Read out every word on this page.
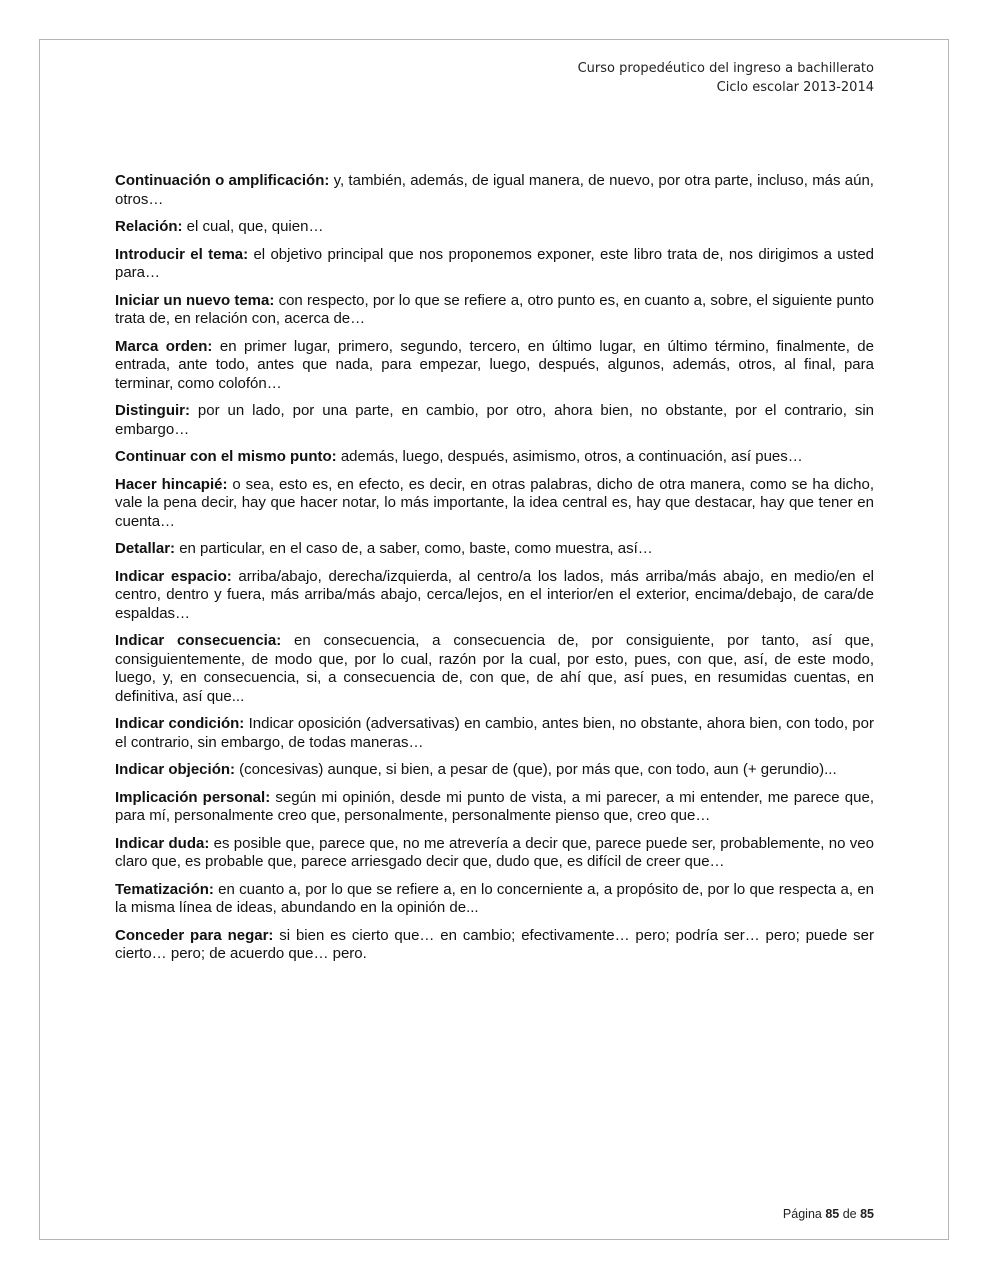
Curso propedéutico del ingreso a bachillerato
Ciclo escolar 2013-2014

Continuación o amplificación: y, también, además, de igual manera, de nuevo, por otra parte, incluso, más aún, otros…

Relación: el cual, que, quien…

Introducir el tema: el objetivo principal que nos proponemos exponer, este libro trata de, nos dirigimos a usted para…

Iniciar un nuevo tema: con respecto, por lo que se refiere a, otro punto es, en cuanto a, sobre, el siguiente punto trata de, en relación con, acerca de…

Marca orden: en primer lugar, primero, segundo, tercero, en último lugar, en último término, finalmente, de entrada, ante todo, antes que nada, para empezar, luego, después, algunos, además, otros, al final, para terminar, como colofón…

Distinguir: por un lado, por una parte, en cambio, por otro, ahora bien, no obstante, por el contrario, sin embargo…

Continuar con el mismo punto: además, luego, después, asimismo, otros, a continuación, así pues…

Hacer hincapié: o sea, esto es, en efecto, es decir, en otras palabras, dicho de otra manera, como se ha dicho, vale la pena decir, hay que hacer notar, lo más importante, la idea central es, hay que destacar, hay que tener en cuenta…

Detallar: en particular, en el caso de, a saber, como, baste, como muestra, así…

Indicar espacio: arriba/abajo, derecha/izquierda, al centro/a los lados, más arriba/más abajo, en medio/en el centro, dentro y fuera, más arriba/más abajo, cerca/lejos, en el interior/en el exterior, encima/debajo, de cara/de espaldas…

Indicar consecuencia: en consecuencia, a consecuencia de, por consiguiente, por tanto, así que, consiguientemente, de modo que, por lo cual, razón por la cual, por esto, pues, con que, así, de este modo, luego, y, en consecuencia, si, a consecuencia de, con que, de ahí que, así pues, en resumidas cuentas, en definitiva, así que...

Indicar condición: Indicar oposición (adversativas) en cambio, antes bien, no obstante, ahora bien, con todo, por el contrario, sin embargo, de todas maneras…

Indicar objeción: (concesivas) aunque, si bien, a pesar de (que), por más que, con todo, aun (+ gerundio)...

Implicación personal: según mi opinión, desde mi punto de vista, a mi parecer, a mi entender, me parece que, para mí, personalmente creo que, personalmente, personalmente pienso que, creo que…

Indicar duda: es posible que, parece que, no me atrevería a decir que, parece puede ser, probablemente, no veo claro que, es probable que, parece arriesgado decir que, dudo que, es difícil de creer que…

Tematización: en cuanto a, por lo que se refiere a, en lo concerniente a, a propósito de, por lo que respecta a, en la misma línea de ideas, abundando en la opinión de...

Conceder para negar: si bien es cierto que… en cambio; efectivamente… pero; podría ser… pero; puede ser cierto… pero; de acuerdo que… pero.

Página 85 de 85
